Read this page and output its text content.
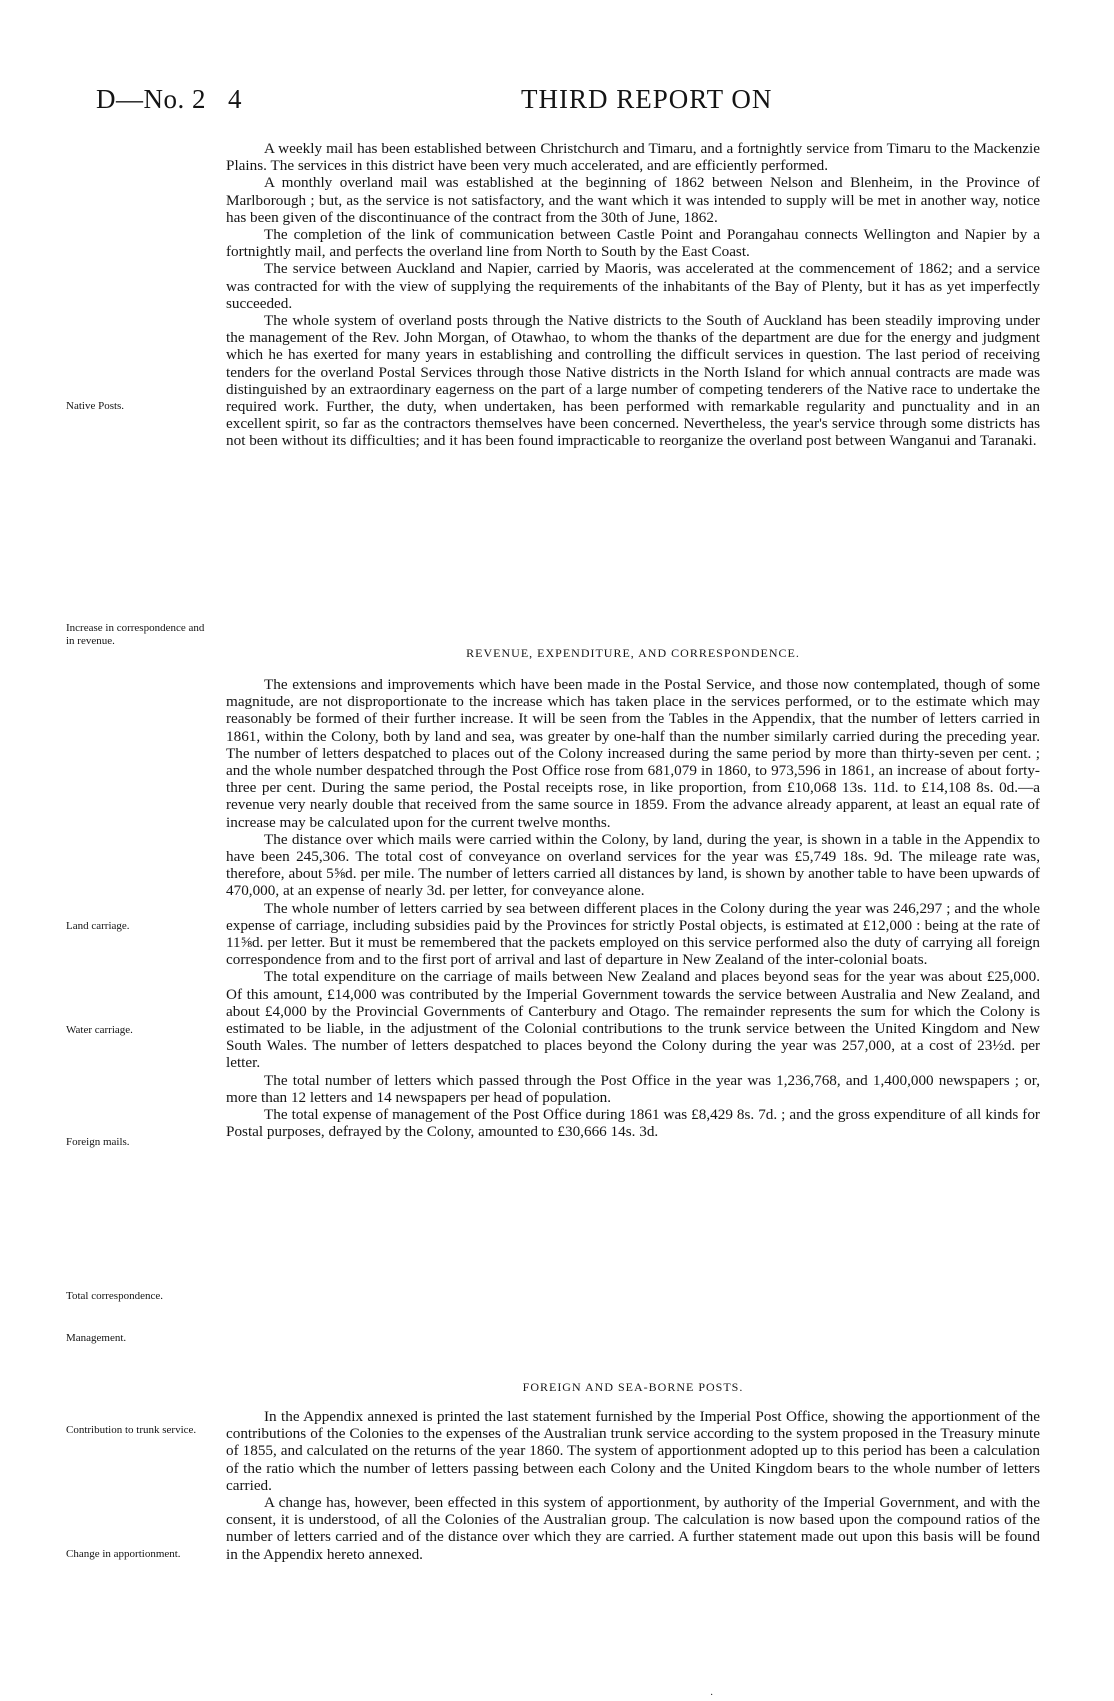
D—No. 2 4	THIRD REPORT ON

A weekly mail has been established between Christchurch and Timaru, and a fortnightly service from Timaru to the Mackenzie Plains. The services in this district have been very much accelerated, and are efficiently performed.

A monthly overland mail was established at the beginning of 1862 between Nelson and Blenheim, in the Province of Marlborough ; but, as the service is not satisfactory, and the want which it was intended to supply will be met in another way, notice has been given of the discontinuance of the contract from the 30th of June, 1862.

The completion of the link of communication between Castle Point and Porangahau connects Wellington and Napier by a fortnightly mail, and perfects the overland line from North to South by the East Coast.

The service between Auckland and Napier, carried by Maoris, was accelerated at the commencement of 1862; and a service was contracted for with the view of supplying the requirements of the inhabitants of the Bay of Plenty, but it has as yet imperfectly succeeded.

The whole system of overland posts through the Native districts to the South of Auckland has been steadily improving under the management of the Rev. John Morgan, of Otawhao, to whom the thanks of the department are due for the energy and judgment which he has exerted for many years in establishing and controlling the difficult services in question. The last period of receiving tenders for the overland Postal Services through those Native districts in the North Island for which annual contracts are made was distinguished by an extraordinary eagerness on the part of a large number of competing tenderers of the Native race to undertake the required work. Further, the duty, when undertaken, has been performed with remarkable regularity and punctuality and in an excellent spirit, so far as the contractors themselves have been concerned. Nevertheless, the year's service through some districts has not been without its difficulties; and it has been found impracticable to reorganize the overland post between Wanganui and Taranaki.

REVENUE, EXPENDITURE, AND CORRESPONDENCE.

The extensions and improvements which have been made in the Postal Service, and those now contemplated, though of some magnitude, are not disproportionate to the increase which has taken place in the services performed, or to the estimate which may reasonably be formed of their further increase. It will be seen from the Tables in the Appendix, that the number of letters carried in 1861, within the Colony, both by land and sea, was greater by one-half than the number similarly carried during the preceding year. The number of letters despatched to places out of the Colony increased during the same period by more than thirty-seven per cent. ; and the whole number despatched through the Post Office rose from 681,079 in 1860, to 973,596 in 1861, an increase of about forty-three per cent. During the same period, the Postal receipts rose, in like proportion, from £10,068 13s. 11d. to £14,108 8s. 0d.—a revenue very nearly double that received from the same source in 1859. From the advance already apparent, at least an equal rate of increase may be calculated upon for the current twelve months.

The distance over which mails were carried within the Colony, by land, during the year, is shown in a table in the Appendix to have been 245,306. The total cost of conveyance on overland services for the year was £5,749 18s. 9d. The mileage rate was, therefore, about 5⅝d. per mile. The number of letters carried all distances by land, is shown by another table to have been upwards of 470,000, at an expense of nearly 3d. per letter, for conveyance alone.

The whole number of letters carried by sea between different places in the Colony during the year was 246,297 ; and the whole expense of carriage, including subsidies paid by the Provinces for strictly Postal objects, is estimated at £12,000 : being at the rate of 11⅝d. per letter. But it must be remembered that the packets employed on this service performed also the duty of carrying all foreign correspondence from and to the first port of arrival and last of departure in New Zealand of the inter-colonial boats.

The total expenditure on the carriage of mails between New Zealand and places beyond seas for the year was about £25,000. Of this amount, £14,000 was contributed by the Imperial Government towards the service between Australia and New Zealand, and about £4,000 by the Provincial Governments of Canterbury and Otago. The remainder represents the sum for which the Colony is estimated to be liable, in the adjustment of the Colonial contributions to the trunk service between the United Kingdom and New South Wales. The number of letters despatched to places beyond the Colony during the year was 257,000, at a cost of 23½d. per letter.

The total number of letters which passed through the Post Office in the year was 1,236,768, and 1,400,000 newspapers ; or, more than 12 letters and 14 newspapers per head of population.

The total expense of management of the Post Office during 1861 was £8,429 8s. 7d. ; and the gross expenditure of all kinds for Postal purposes, defrayed by the Colony, amounted to £30,666 14s. 3d.

FOREIGN AND SEA-BORNE POSTS.

In the Appendix annexed is printed the last statement furnished by the Imperial Post Office, showing the apportionment of the contributions of the Colonies to the expenses of the Australian trunk service according to the system proposed in the Treasury minute of 1855, and calculated on the returns of the year 1860. The system of apportionment adopted up to this period has been a calculation of the ratio which the number of letters passing between each Colony and the United Kingdom bears to the whole number of letters carried.

A change has, however, been effected in this system of apportionment, by authority of the Imperial Government, and with the consent, it is understood, of all the Colonies of the Australian group. The calculation is now based upon the compound ratios of the number of letters carried and of the distance over which they are carried. A further statement made out upon this basis will be found in the Appendix hereto annexed.

Native Posts.
Increase in correspondence and in revenue.
Land carriage.
Water carriage.
Foreign mails.
Total correspondence.
Management.
Contribution to trunk service.
Change in apportionment.
·
